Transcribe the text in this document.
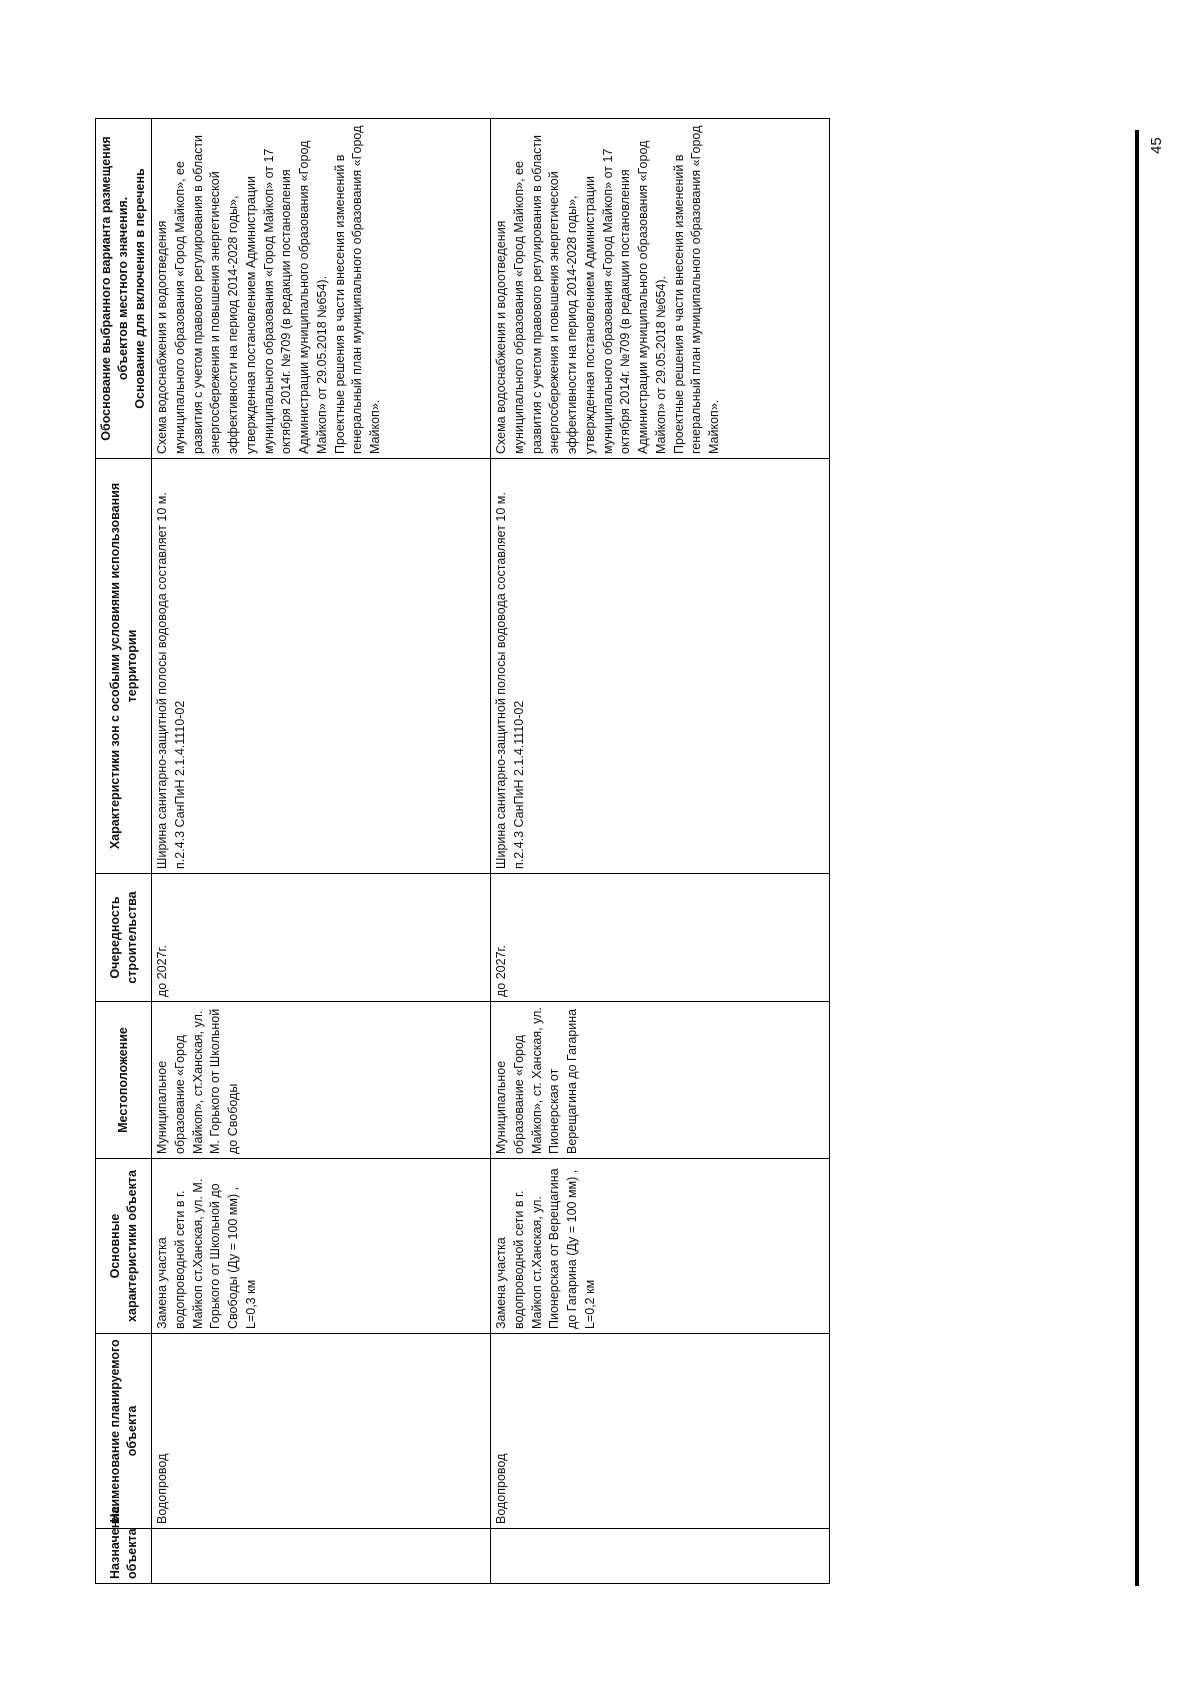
Назначение объекта	Наименование планируемого объекта	Основные характеристики объекта	Местоположение	Очередность строительства	Характеристики зон с особыми условиями использования территории	Обоснование выбранного варианта размещения объектов местного значения. Основание для включения в перечень

	Водопровод	Замена участка водопроводной сети в г. Майкоп ст.Ханская, ул. М. Горького от Школьной до Свободы (Ду = 100 мм) , L=0,3 км	Муниципальное образование «Город Майкоп», ст.Ханская, ул. М. Горького от Школьной до Свободы	до 2027г.	Ширина санитарно-защитной полосы водовода составляет 10 м. п.2.4.3 СанПиН 2.1.4.1110-02	Схема водоснабжения и водоотведения муниципального образования «Город Майкоп», ее развития с учетом правового регулирования в области энергосбережения и повышения энергетической эффективности на период 2014-2028 годы», утвержденная постановлением Администрации муниципального образования «Город Майкоп» от 17 октября 2014г. №709 (в редакции постановления Администрации муниципального образования «Город Майкоп» от 29.05.2018 №654). Проектные решения в части внесения изменений в генеральный план муниципального образования «Город Майкоп».

	Водопровод	Замена участка водопроводной сети в г. Майкоп ст.Ханская, ул. Пионерская от Верещагина до Гагарина (Ду = 100 мм) , L=0,2 км	Муниципальное образование «Город Майкоп», ст. Ханская, ул. Пионерская от Верещагина до Гагарина	до 2027г.	Ширина санитарно-защитной полосы водовода составляет 10 м. п.2.4.3 СанПиН 2.1.4.1110-02	Схема водоснабжения и водоотведения муниципального образования «Город Майкоп», ее развития с учетом правового регулирования в области энергосбережения и повышения энергетической эффективности на период 2014-2028 годы», утвержденная постановлением Администрации муниципального образования «Город Майкоп» от 17 октября 2014г. №709 (в редакции постановления Администрации муниципального образования «Город Майкоп» от 29.05.2018 №654). Проектные решения в части внесения изменений в генеральный план муниципального образования «Город Майкоп».
45
